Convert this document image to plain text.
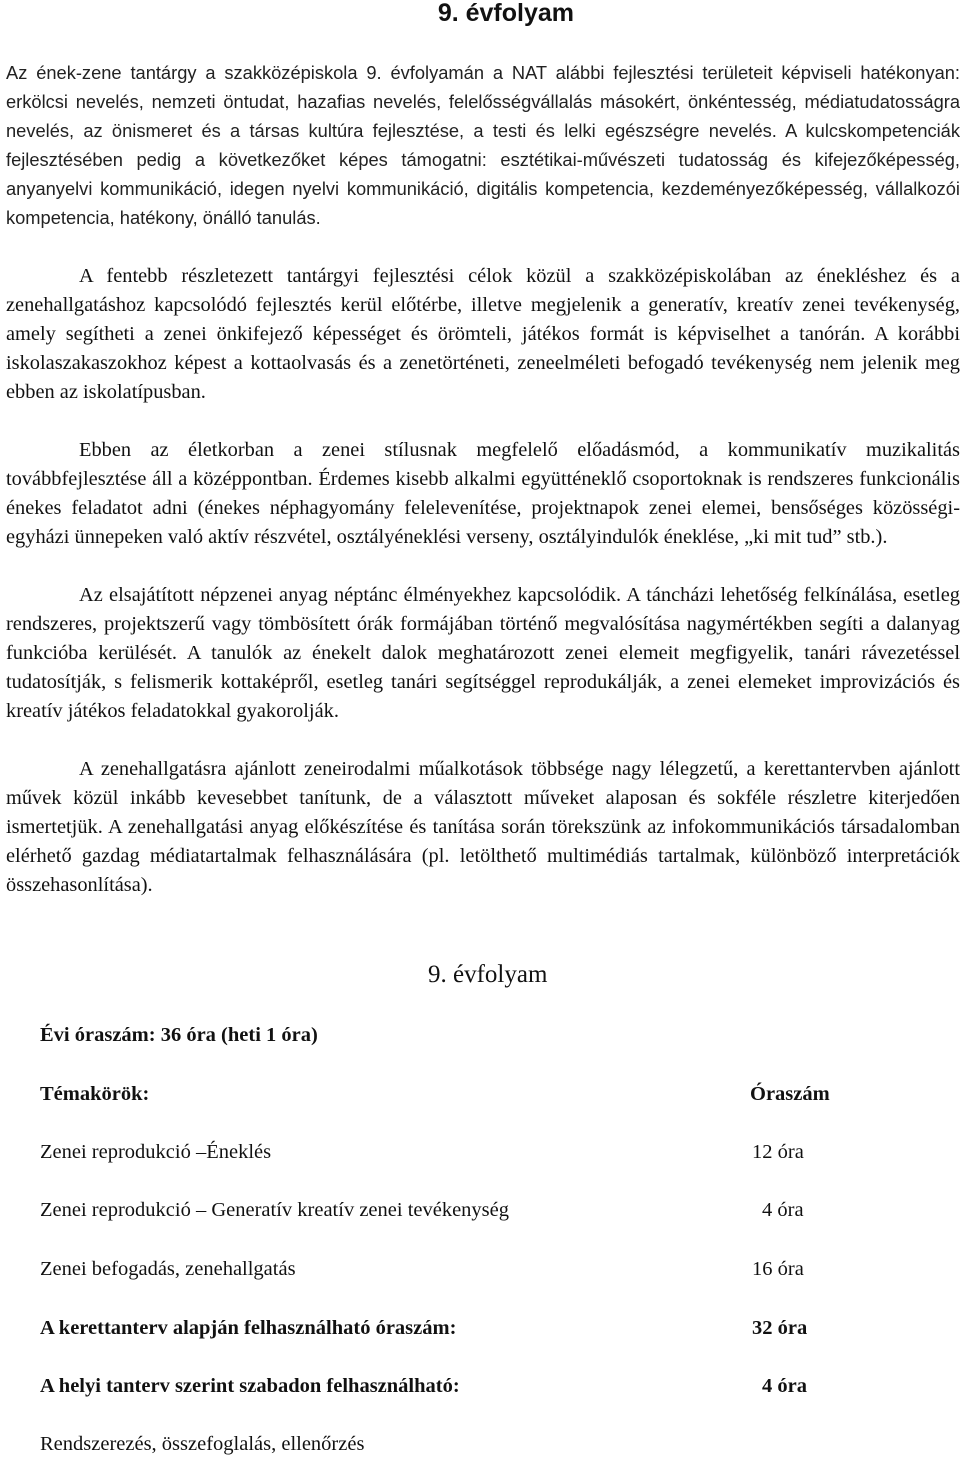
9. évfolyam

Az ének-zene tantárgy a szakközépiskola 9. évfolyamán a NAT alábbi fejlesztési területeit képviseli hatékonyan: erkölcsi nevelés, nemzeti öntudat, hazafias nevelés, felelősségvállalás másokért, önkéntesség, médiatudatosságra nevelés, az önismeret és a társas kultúra fejlesztése, a testi és lelki egészségre nevelés. A kulcskompetenciák fejlesztésében pedig a következőket képes támogatni: esztétikai-művészeti tudatosság és kifejezőképesség, anyanyelvi kommunikáció, idegen nyelvi kommunikáció, digitális kompetencia, kezdeményezőképesség, vállalkozói kompetencia, hatékony, önálló tanulás.

A fentebb részletezett tantárgyi fejlesztési célok közül a szakközépiskolában az énekléshez és a zenehallgatáshoz kapcsolódó fejlesztés kerül előtérbe, illetve megjelenik a generatív, kreatív zenei tevékenység, amely segítheti a zenei önkifejező képességet és örömteli, játékos formát is képviselhet a tanórán. A korábbi iskolaszakaszokhoz képest a kottaolvasás és a zenetörténeti, zeneelméleti befogadó tevékenység nem jelenik meg ebben az iskolatípusban.

Ebben az életkorban a zenei stílusnak megfelelő előadásmód, a kommunikatív muzikalitás továbbfejlesztése áll a középpontban. Érdemes kisebb alkalmi együtténeklő csoportoknak is rendszeres funkcionális énekes feladatot adni (énekes néphagyomány felelevenítése, projektnapok zenei elemei, bensőséges közösségi-egyházi ünnepeken való aktív részvétel, osztályéneklési verseny, osztályindulók éneklése, „ki mit tud” stb.).

Az elsajátított népzenei anyag néptánc élményekhez kapcsolódik. A táncházi lehetőség felkínálása, esetleg rendszeres, projektszerű vagy tömbösített órák formájában történő megvalósítása nagymértékben segíti a dalanyag funkcióba kerülését. A tanulók az énekelt dalok meghatározott zenei elemeit megfigyelik, tanári rávezetéssel tudatosítják, s felismerik kottaképről, esetleg tanári segítséggel reprodukálják, a zenei elemeket improvizációs és kreatív játékos feladatokkal gyakorolják.

A zenehallgatásra ajánlott zeneirodalmi műalkotások többsége nagy lélegzetű, a kerettantervben ajánlott művek közül inkább kevesebbet tanítunk, de a választott műveket alaposan és sokféle részletre kiterjedően ismertetjük. A zenehallgatási anyag előkészítése és tanítása során törekszünk az infokommunikációs társadalomban elérhető gazdag médiatartalmak felhasználására (pl. letölthető multimédiás tartalmak, különböző interpretációk összehasonlítása).

9. évfolyam
Évi óraszám: 36 óra (heti 1 óra)
Témakörök:	Óraszám
Zenei reprodukció –Éneklés	12 óra
Zenei reprodukció – Generatív kreatív zenei tevékenység	4 óra
Zenei befogadás, zenehallgatás	16 óra
A kerettanterv alapján felhasználható óraszám:	32 óra
A helyi tanterv szerint szabadon felhasználható:	4 óra
Rendszerezés, összefoglalás, ellenőrzés
